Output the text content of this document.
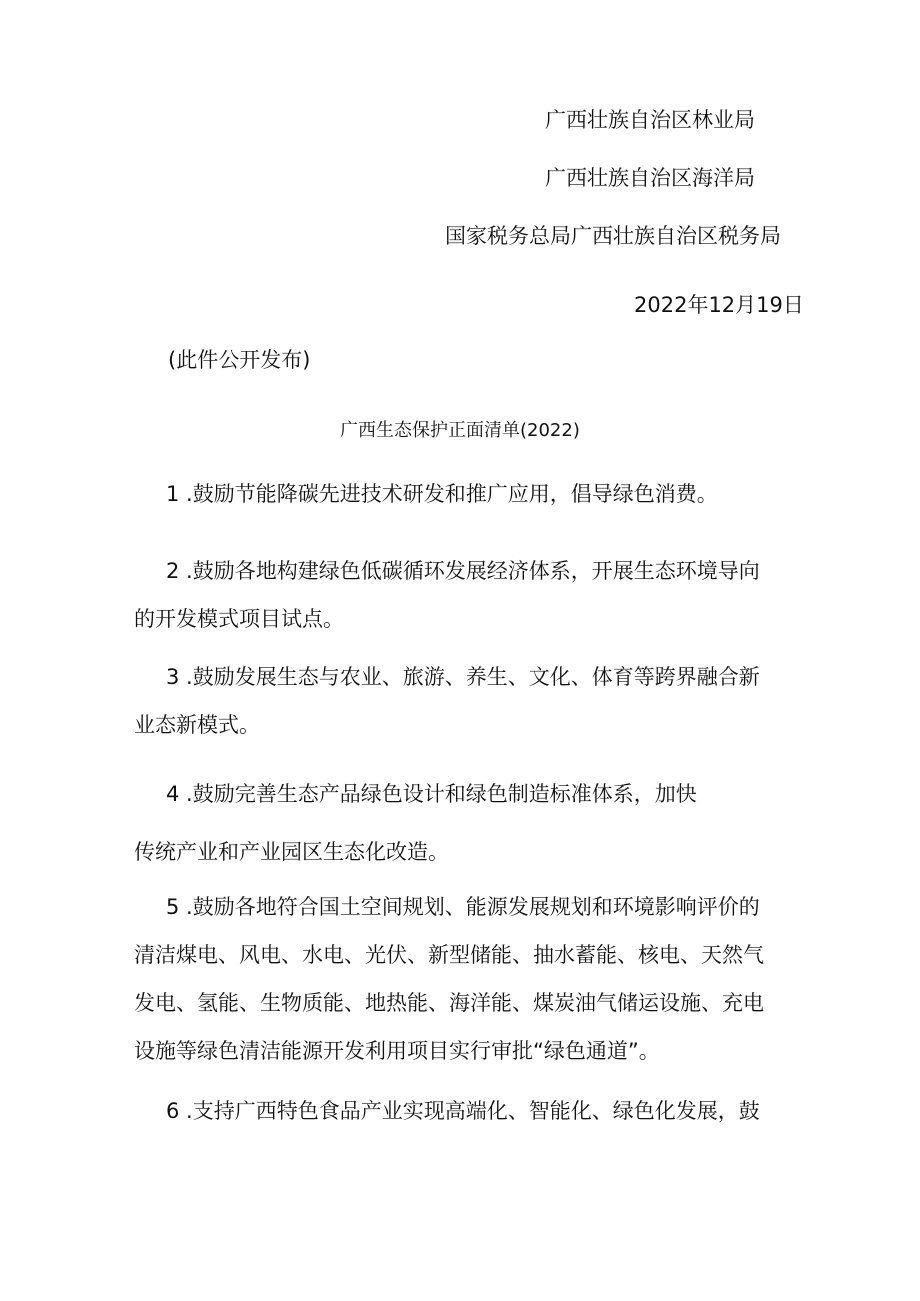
广西壮族自治区林业局
广西壮族自治区海洋局
国家税务总局广西壮族自治区税务局
2022年12月19日
(此件公开发布)
广西生态保护正面清单(2022)
1 .鼓励节能降碳先进技术研发和推广应用，倡导绿色消费。
2 .鼓励各地构建绿色低碳循环发展经济体系，开展生态环境导向
的开发模式项目试点。
3 .鼓励发展生态与农业、旅游、养生、文化、体育等跨界融合新
业态新模式。
4 .鼓励完善生态产品绿色设计和绿色制造标准体系，加快
传统产业和产业园区生态化改造。
5 .鼓励各地符合国土空间规划、能源发展规划和环境影响评价的
清洁煤电、风电、水电、光伏、新型储能、抽水蓄能、核电、天然气
发电、氢能、生物质能、地热能、海洋能、煤炭油气储运设施、充电
设施等绿色清洁能源开发利用项目实行审批“绿色通道”。
6 .支持广西特色食品产业实现高端化、智能化、绿色化发展，鼓
